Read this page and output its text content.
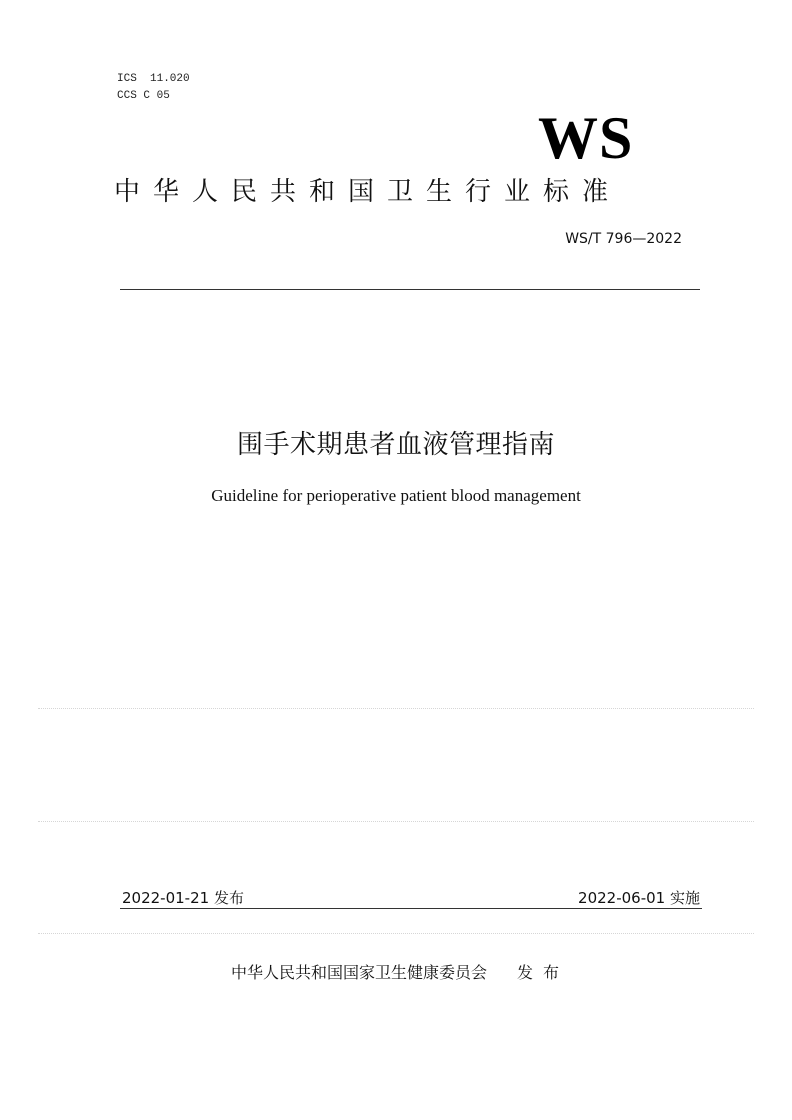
ICS  11.020
CCS C 05
WS
中华人民共和国卫生行业标准
WS/T 796—2022
围手术期患者血液管理指南
Guideline for perioperative patient blood management
2022-01-21 发布	2022-06-01 实施
中华人民共和国国家卫生健康委员会 发布
